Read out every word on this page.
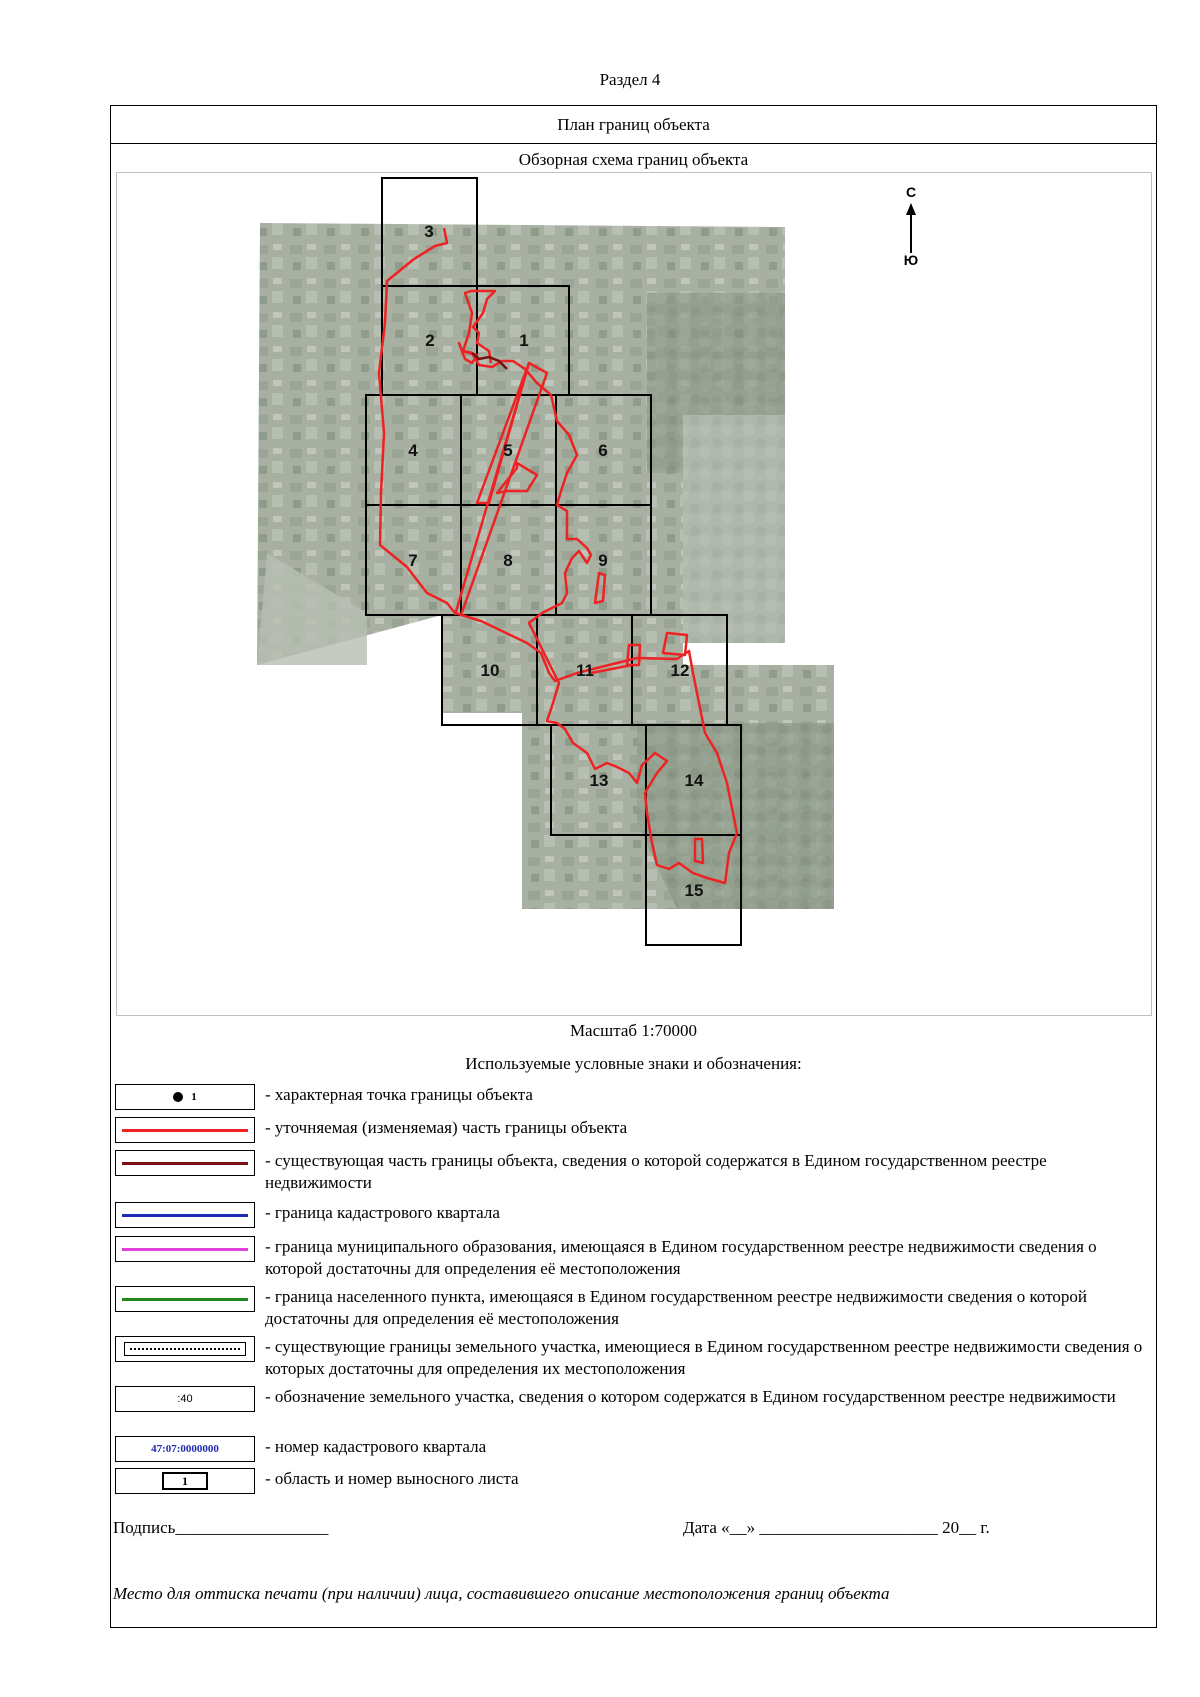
Раздел 4
План границ объекта
Обзорная схема границ объекта
3
2	1
4	5	6
7	8	9
10	11	12
13	14
15
С
Ю
Масштаб 1:70000
Используемые условные знаки и обозначения:
1	- характерная точка границы объекта
- уточняемая (изменяемая) часть границы объекта
- существующая часть границы объекта, сведения о которой содержатся в Едином государственном реестре недвижимости
- граница кадастрового квартала
- граница муниципального образования, имеющаяся в Едином государственном реестре недвижимости сведения о которой достаточны для определения её местоположения
- граница населенного пункта, имеющаяся в Едином государственном реестре недвижимости сведения о которой достаточны для определения её местоположения
- существующие границы земельного участка, имеющиеся в Едином государственном реестре недвижимости сведения о которых достаточны для определения их местоположения
:40	- обозначение земельного участка, сведения о котором содержатся в Едином государственном реестре недвижимости
47:07:0000000	- номер кадастрового квартала
1	- область и номер выносного листа
Подпись__________________	Дата «__» _____________________ 20__ г.
Место для оттиска печати (при наличии) лица, составившего описание местоположения границ объекта
